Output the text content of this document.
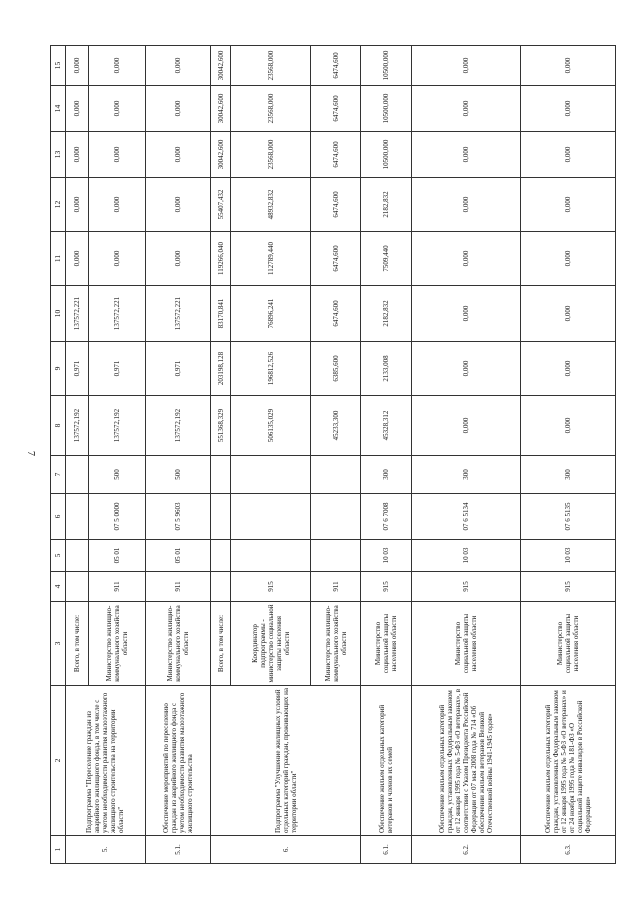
7
1	2	3	4	5	6	7	8	9	10	11	12	13	14	15
5.	Подпрограмма "Переселение граждан из аварийного жилищного фонда, в том числе с учетом необходимости развития малоэтажного жилищного строительства на территории области"	Всего, в том числе:					137572,192	0,971	137572,221	0,000	0,000	0,000	0,000	0,000
		Министерство жилищно-коммунального хозяйства области	911	05 01	07 5 0000	500	137572,192	0,971	137572,221	0,000	0,000	0,000	0,000	0,000
5.1.	Обеспечение мероприятий по переселению граждан из аварийного жилищного фонда с учетом необходимости развития малоэтажного жилищного строительства	Министерство жилищно-коммунального хозяйства области	911	05 01	07 5 9603	500	137572,192	0,971	137572,221	0,000	0,000	0,000	0,000	0,000
6.	Подпрограмма "Улучшение жилищных условий отдельных категорий граждан, проживающих на территории области"	Всего, в том числе:					551368,329	203198,128	83170,841	119266,040	55407,432	30042,600	30042,600	30042,600
		Координатор подпрограммы - министерство социальной защиты населения области	915				506135,029	196812,526	76896,241	112789,440	48932,832	23568,000	23568,000	23568,000
		Министерство жилищно-коммунального хозяйства области	911				45233,300	6385,600	6474,600	6474,600	6474,600	6474,600	6474,600	6474,600
6.1.	Обеспечение жильем отдельных категорий ветеранов и членов их семей	Министерство социальной защиты населения области	915	10 03	07 6 7008	300	45328,312	2133,008	2182,832	7509,440	2182,832	10500,000	10500,000	10500,000
6.2.	Обеспечение жильем отдельных категорий граждан, установленных Федеральным законом от 12 января 1995 года № 5-ФЗ «О ветеранах», в соответствии с Указом Президента Российской Федерации от 07 мая 2008 года № 714 «Об обеспечении жильем ветеранов Великой Отечественной войны 1941-1945 годов»	Министерство социальной защиты населения области	915	10 03	07 6 5134	300	0,000	0,000	0,000	0,000	0,000	0,000	0,000	0,000
6.3.	Обеспечение жильем отдельных категорий граждан, установленных Федеральным законом от 12 января 1995 года № 5-ФЗ «О ветеранах» и от 24 ноября 1995 года № 181-ФЗ «О социальной защите инвалидов в Российской Федерации»	Министерство социальной защиты населения области	915	10 03	07 6 5135	300	0,000	0,000	0,000	0,000	0,000	0,000	0,000	0,000
